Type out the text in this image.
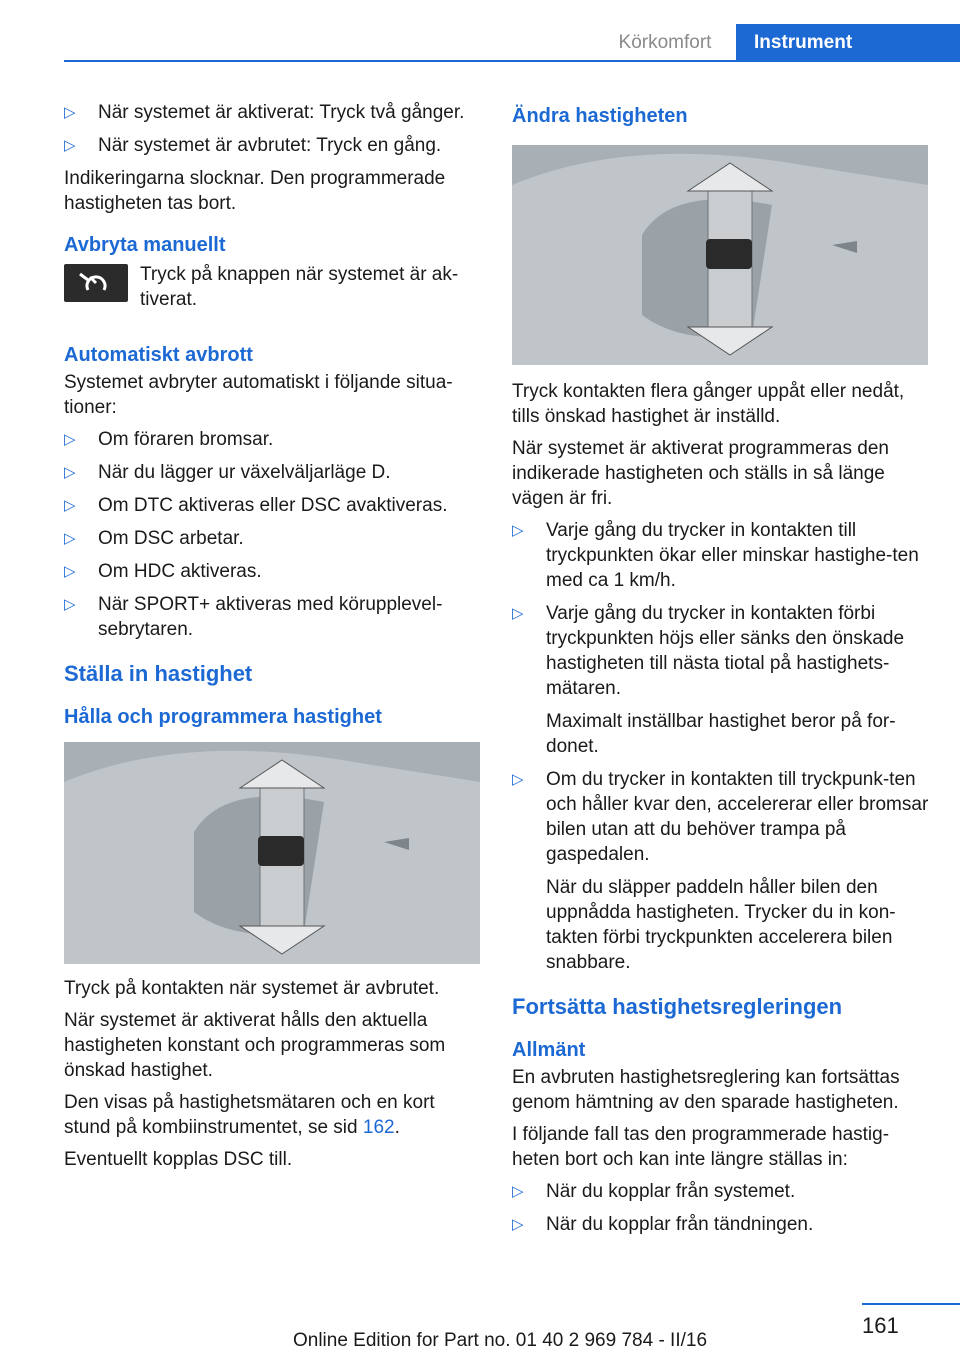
Körkomfort	Instrument
▷ När systemet är aktiverat: Tryck två gånger.
▷ När systemet är avbrutet: Tryck en gång.

Indikeringarna slocknar. Den programmerade hastigheten tas bort.

Avbryta manuellt
Tryck på knappen när systemet är ak‐tiverat.
Automatiskt avbrott

Systemet avbryter automatiskt i följande situa‐tioner:

▷ Om föraren bromsar.
▷ När du lägger ur växelväljarläge D.
▷ Om DTC aktiveras eller DSC avaktiveras.
▷ Om DSC arbetar.
▷ Om HDC aktiveras.
▷ När SPORT+ aktiveras med körupplevel‐sebrytaren.
Ställa in hastighet
Hålla och programmera hastighet

Tryck på kontakten när systemet är avbrutet.

När systemet är aktiverat hålls den aktuella hastigheten konstant och programmeras som önskad hastighet.

Den visas på hastighetsmätaren och en kort stund på kombiinstrumentet, se sid 162.

Eventuellt kopplas DSC till.

Ändra hastigheten

Tryck kontakten flera gånger uppåt eller nedåt, tills önskad hastighet är inställd.

När systemet är aktiverat programmeras den indikerade hastigheten och ställs in så länge vägen är fri.

▷ Varje gång du trycker in kontakten till tryckpunkten ökar eller minskar hastighe‐ten med ca 1 km/h.
▷ Varje gång du trycker in kontakten förbi tryckpunkten höjs eller sänks den önskade hastigheten till nästa tiotal på hastighets‐mätaren.
Maximalt inställbar hastighet beror på for‐donet.
▷ Om du trycker in kontakten till tryckpunk‐ten och håller kvar den, accelererar eller bromsar bilen utan att du behöver trampa på gaspedalen.
När du släpper paddeln håller bilen den uppnådda hastigheten. Trycker du in kon‐takten förbi tryckpunkten accelerera bilen snabbare.
Fortsätta hastighetsregleringen
Allmänt

En avbruten hastighetsreglering kan fortsättas genom hämtning av den sparade hastigheten.

I följande fall tas den programmerade hastig‐heten bort och kan inte längre ställas in:

▷ När du kopplar från systemet.
▷ När du kopplar från tändningen.
161
Online Edition for Part no. 01 40 2 969 784 - II/16
